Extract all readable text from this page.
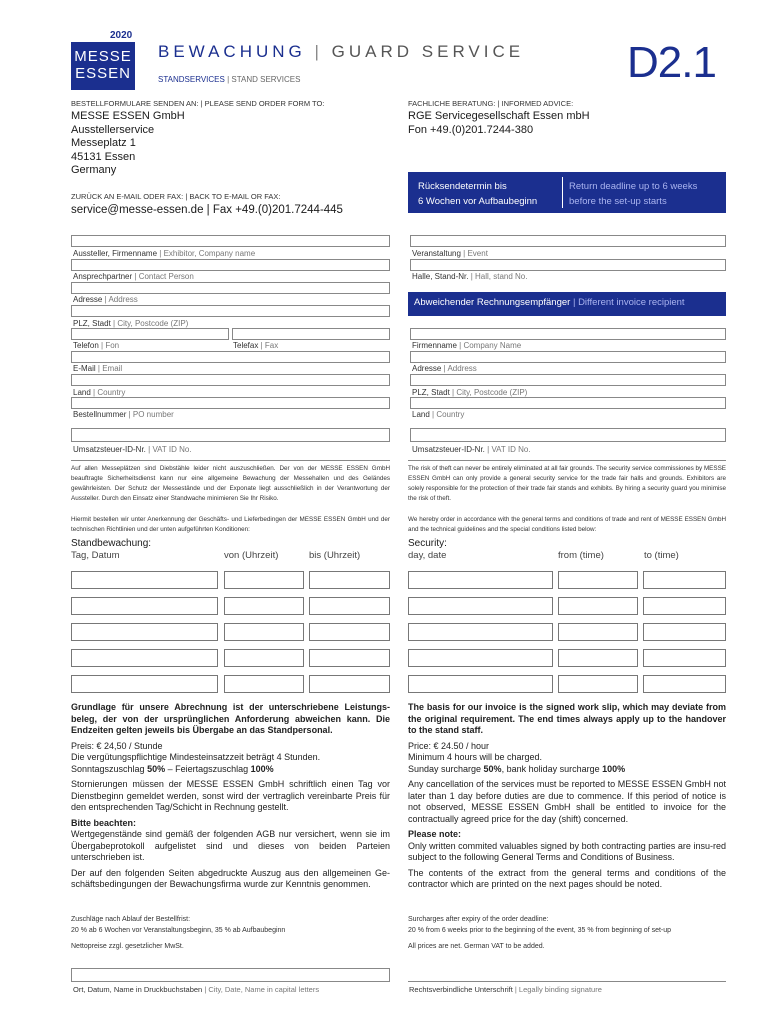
2020
MESSE
ESSEN
BEWACHUNG | GUARD SERVICE
STANDSERVICES | STAND SERVICES	D2.1
BESTELLFORMULARE SENDEN AN: | PLEASE SEND ORDER FORM TO:
MESSE ESSEN GmbH
Ausstellerservice
Messeplatz 1
45131 Essen
Germany
ZURÜCK AN E-MAIL ODER FAX: | BACK TO E-MAIL OR FAX:
service@messe-essen.de | Fax +49.(0)201.7244-445
FACHLICHE BERATUNG: | INFORMED ADVICE:
RGE Servicegesellschaft Essen mbH
Fon +49.(0)201.7244-380
Rücksendetermin bis
6 Wochen vor Aufbaubeginn
Return deadline up to 6 weeks
before the set-up starts
Aussteller, Firmenname | Exhibitor, Company name
Ansprechpartner | Contact Person
Adresse | Address
PLZ, Stadt | City, Postcode (ZIP)
Telefon | Fon	Telefax | Fax
E-Mail | Email
Land | Country
Bestellnummer | PO number
Umsatzsteuer-ID-Nr. | VAT ID No.
Veranstaltung | Event
Halle, Stand-Nr. | Hall, stand No.
Abweichender Rechnungsempfänger | Different invoice recipient
Firmenname | Company Name
Adresse | Address
PLZ, Stadt | City, Postcode (ZIP)
Land | Country
Umsatzsteuer-ID-Nr. | VAT ID No.
Auf allen Messeplätzen sind Diebstähle leider nicht auszuschließen. Der von der MESSE ESSEN GmbH beauftragte Sicherheitsdienst kann nur eine allgemeine Bewachung der Messehallen und des Geländes gewährleisten. Der Schutz der Messestände und der Exponate liegt ausschließlich in der Verantwortung der Aussteller. Durch den Einsatz einer Standwache minimieren Sie Ihr Risiko.
Hiermit bestellen wir unter Anerkennung der Geschäfts- und Lieferbedingen der MESSE ESSEN GmbH und der technischen Richtlinien und der unten aufgeführten Konditionen:
The risk of theft can never be entirely eliminated at all fair grounds. The security service commissiones by MESSE ESSEN GmbH can only provide a general security service for the trade fair halls and grounds. Exhibitors are solely responsible for the protection of their trade fair stands and exhibits. By hiring a security guard you minimise the risk of theft.
We hereby order in accordance with the general terms and conditions of trade and rent of MESSE ESSEN GmbH and the technical guidelines and the special conditions listed below:
Standbewachung:
Tag, Datum	von (Uhrzeit)	bis (Uhrzeit)
Security:
day, date	from (time)	to (time)

Grundlage für unsere Abrechnung ist der unterschriebene Leistungs-beleg, der von der ursprünglichen Anforderung abweichen kann. Die Endzeiten gelten jeweils bis Übergabe an das Standpersonal.

Preis: € 24,50 / Stunde

Die vergütungspflichtige Mindesteinsatzzeit beträgt 4 Stunden.

Sonntagszuschlag 50% – Feiertagszuschlag 100%

Stornierungen müssen der MESSE ESSEN GmbH schriftlich einen Tag vor Dienstbeginn gemeldet werden, sonst wird der vertraglich vereinbarte Preis für den entsprechenden Tag/Schicht in Rechnung gestellt.

Bitte beachten:

Wertgegenstände sind gemäß der folgenden AGB nur versichert, wenn sie im Übergabeprotokoll aufgelistet sind und dieses von beiden Parteien unterschrieben ist.

Der auf den folgenden Seiten abgedruckte Auszug aus den allgemeinen Ge-schäftsbedingungen der Bewachungsfirma wurde zur Kenntnis genommen.

The basis for our invoice is the signed work slip, which may deviate from the original requirement. The end times always apply up to the handover to the stand staff.

Price: € 24.50 / hour

Minimum 4 hours will be charged.

Sunday surcharge 50%, bank holiday surcharge 100%

Any cancellation of the services must be reported to MESSE ESSEN GmbH not later than 1 day before duties are due to commence. If this period of notice is not observed, MESSE ESSEN GmbH shall be entitled to invoice for the contractually agreed price for the day (shift) concerned.

Please note:

Only written commited valuables signed by both contracting parties are insu-red subject to the following General Terms and Conditions of Business.

The contents of the extract from the general terms and conditions of the contractor which are printed on the next pages should be noted.

Zuschläge nach Ablauf der Bestellfrist:
20 % ab 6 Wochen vor Veranstaltungsbeginn, 35 % ab Aufbaubeginn
Nettopreise zzgl. gesetzlicher MwSt.
Surcharges after expiry of the order deadline:
20 % from 6 weeks prior to the beginning of the event, 35 % from beginning of set-up
All prices are net. German VAT to be added.
Ort, Datum, Name in Druckbuchstaben | City, Date, Name in capital letters	Rechtsverbindliche Unterschrift | Legally binding signature
